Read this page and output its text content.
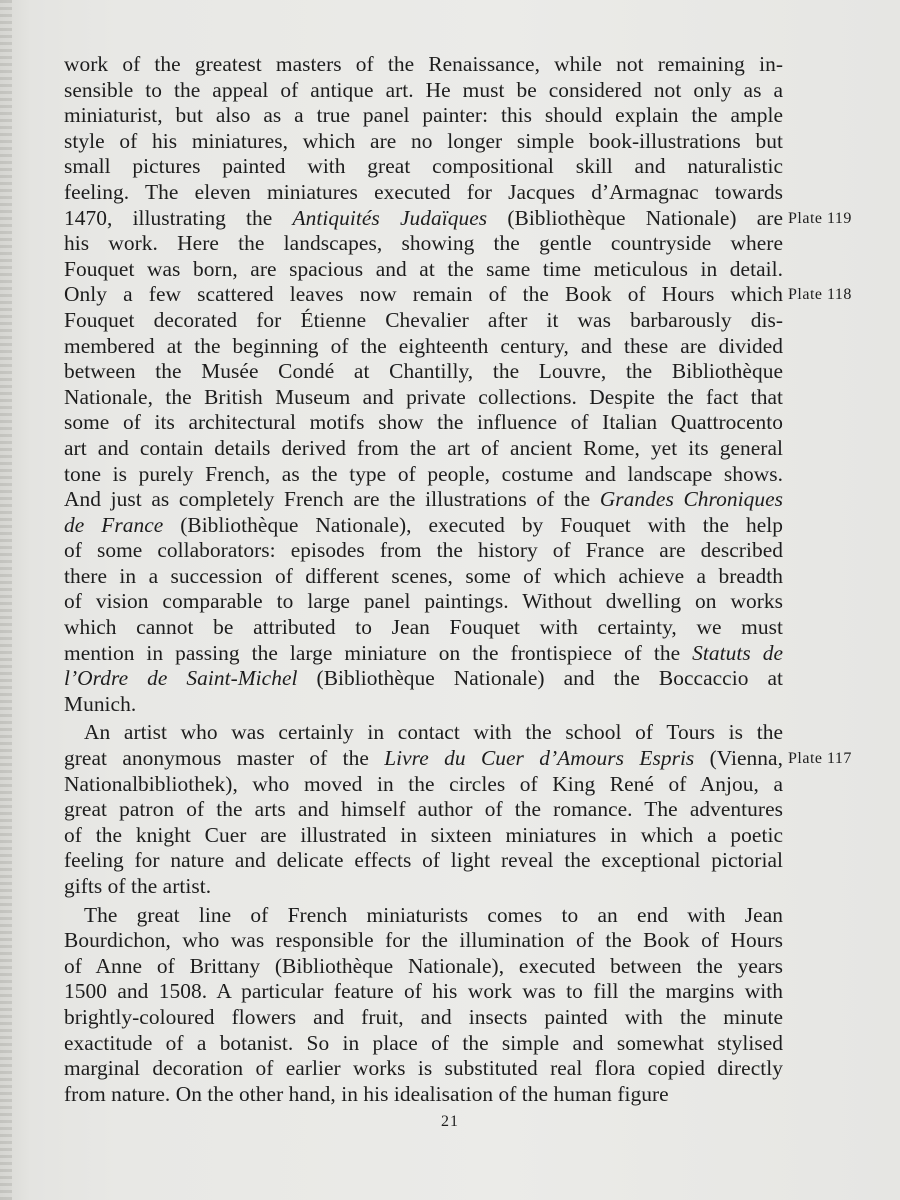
work of the greatest masters of the Renaissance, while not remaining in-
sensible to the appeal of antique art. He must be considered not only as a
miniaturist, but also as a true panel painter: this should explain the ample
style of his miniatures, which are no longer simple book-illustrations but
small pictures painted with great compositional skill and naturalistic
feeling. The eleven miniatures executed for Jacques d’Armagnac towards
1470, illustrating the Antiquités Judaïques (Bibliothèque Nationale) are
his work. Here the landscapes, showing the gentle countryside where
Fouquet was born, are spacious and at the same time meticulous in detail.
Only a few scattered leaves now remain of the Book of Hours which
Fouquet decorated for Étienne Chevalier after it was barbarously dis-
membered at the beginning of the eighteenth century, and these are divided
between the Musée Condé at Chantilly, the Louvre, the Bibliothèque
Nationale, the British Museum and private collections. Despite the fact that
some of its architectural motifs show the influence of Italian Quattrocento
art and contain details derived from the art of ancient Rome, yet its general
tone is purely French, as the type of people, costume and landscape shows.
And just as completely French are the illustrations of the Grandes Chroniques
de France (Bibliothèque Nationale), executed by Fouquet with the help
of some collaborators: episodes from the history of France are described
there in a succession of different scenes, some of which achieve a breadth
of vision comparable to large panel paintings. Without dwelling on works
which cannot be attributed to Jean Fouquet with certainty, we must
mention in passing the large miniature on the frontispiece of the Statuts de
l’Ordre de Saint-Michel (Bibliothèque Nationale) and the Boccaccio at
Munich.
An artist who was certainly in contact with the school of Tours is the
great anonymous master of the Livre du Cuer d’Amours Espris (Vienna,
Nationalbibliothek), who moved in the circles of King René of Anjou, a
great patron of the arts and himself author of the romance. The adventures
of the knight Cuer are illustrated in sixteen miniatures in which a poetic
feeling for nature and delicate effects of light reveal the exceptional pictorial
gifts of the artist.
The great line of French miniaturists comes to an end with Jean
Bourdichon, who was responsible for the illumination of the Book of Hours
of Anne of Brittany (Bibliothèque Nationale), executed between the years
1500 and 1508. A particular feature of his work was to fill the margins with
brightly-coloured flowers and fruit, and insects painted with the minute
exactitude of a botanist. So in place of the simple and somewhat stylised
marginal decoration of earlier works is substituted real flora copied directly
from nature. On the other hand, in his idealisation of the human figure
Plate 119
Plate 118
Plate 117
21
